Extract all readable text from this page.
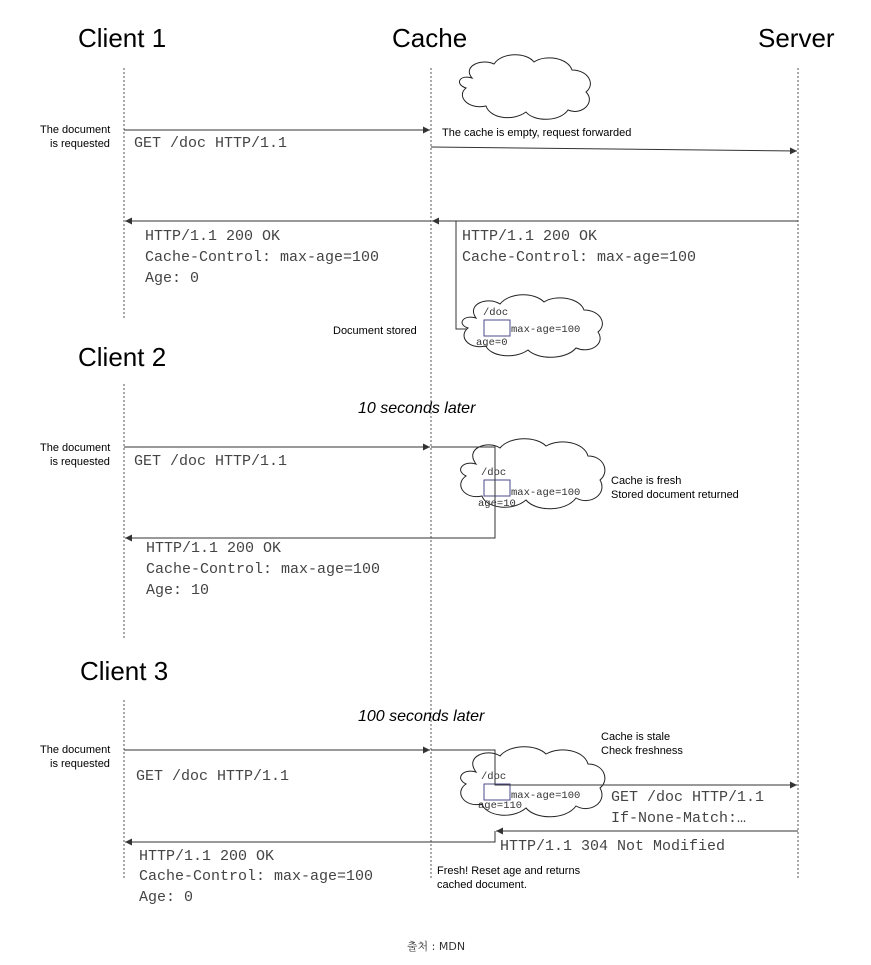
Client 1	Cache	Server
Client 2
Client 3
The document
is requested GET /doc HTTP/1.1
The cache is empty, request forwarded
HTTP/1.1 200 OK
Cache-Control: max-age=100
Age: 0
HTTP/1.1 200 OK
Cache-Control: max-age=100
Document stored
/doc
max-age=100
age=0
10 seconds later
The document
is requested GET /doc HTTP/1.1
/doc
max-age=100
age=10
Cache is fresh
Stored document returned
HTTP/1.1 200 OK
Cache-Control: max-age=100
Age: 10
100 seconds later
Cache is stale
Check freshness
The document
is requested
GET /doc HTTP/1.1	/doc
max-age=100
age=110	GET /doc HTTP/1.1
If-None-Match:…
HTTP/1.1 304 Not Modified
Fresh! Reset age and returns
cached document.
HTTP/1.1 200 OK
Cache-Control: max-age=100
Age: 0
출처 : MDN
